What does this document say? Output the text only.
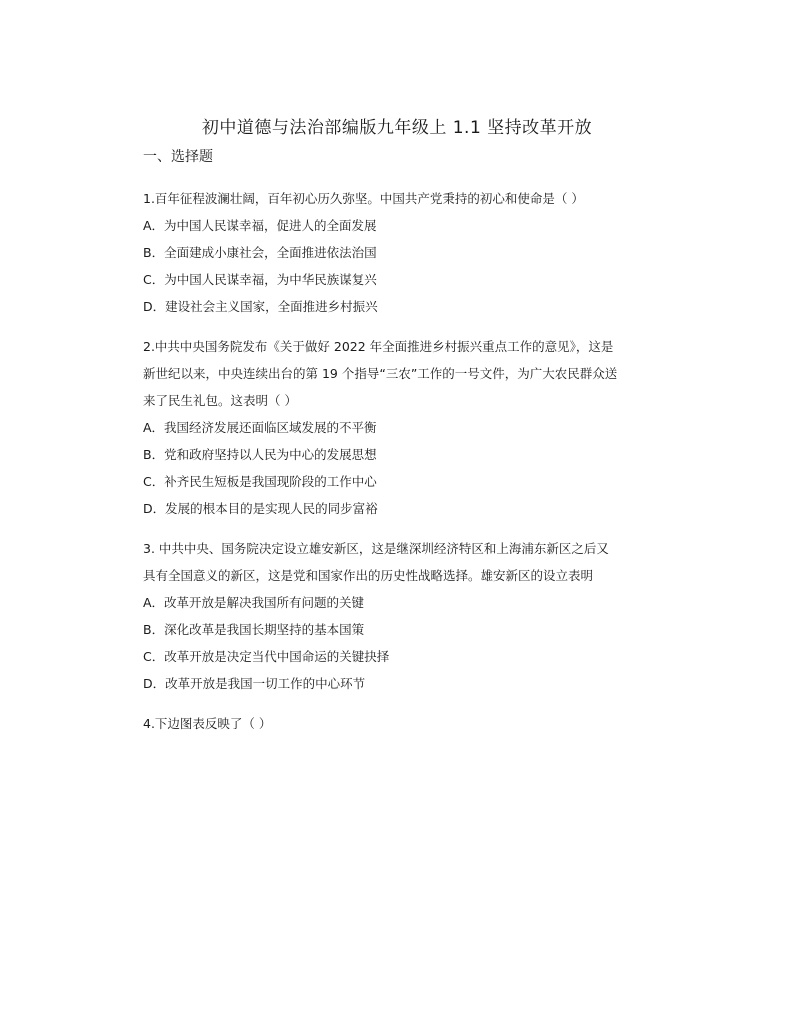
初中道德与法治部编版九年级上 1.1 坚持改革开放
一、选择题
1.百年征程波澜壮阔，百年初心历久弥坚。中国共产党秉持的初心和使命是（ ）
A．为中国人民谋幸福，促进人的全面发展
B．全面建成小康社会，全面推进依法治国
C．为中国人民谋幸福，为中华民族谋复兴
D．建设社会主义国家，全面推进乡村振兴
2.中共中央国务院发布《关于做好 2022 年全面推进乡村振兴重点工作的意见》，这是
新世纪以来，中央连续出台的第 19 个指导“三农”工作的一号文件，为广大农民群众送
来了民生礼包。这表明（ ）
A．我国经济发展还面临区域发展的不平衡
B．党和政府坚持以人民为中心的发展思想
C．补齐民生短板是我国现阶段的工作中心
D．发展的根本目的是实现人民的同步富裕
3. 中共中央、国务院决定设立雄安新区，这是继深圳经济特区和上海浦东新区之后又
具有全国意义的新区，这是党和国家作出的历史性战略选择。雄安新区的设立表明
A．改革开放是解决我国所有问题的关键
B．深化改革是我国长期坚持的基本国策
C．改革开放是决定当代中国命运的关键抉择
D．改革开放是我国一切工作的中心环节
4.下边图表反映了（ ）
